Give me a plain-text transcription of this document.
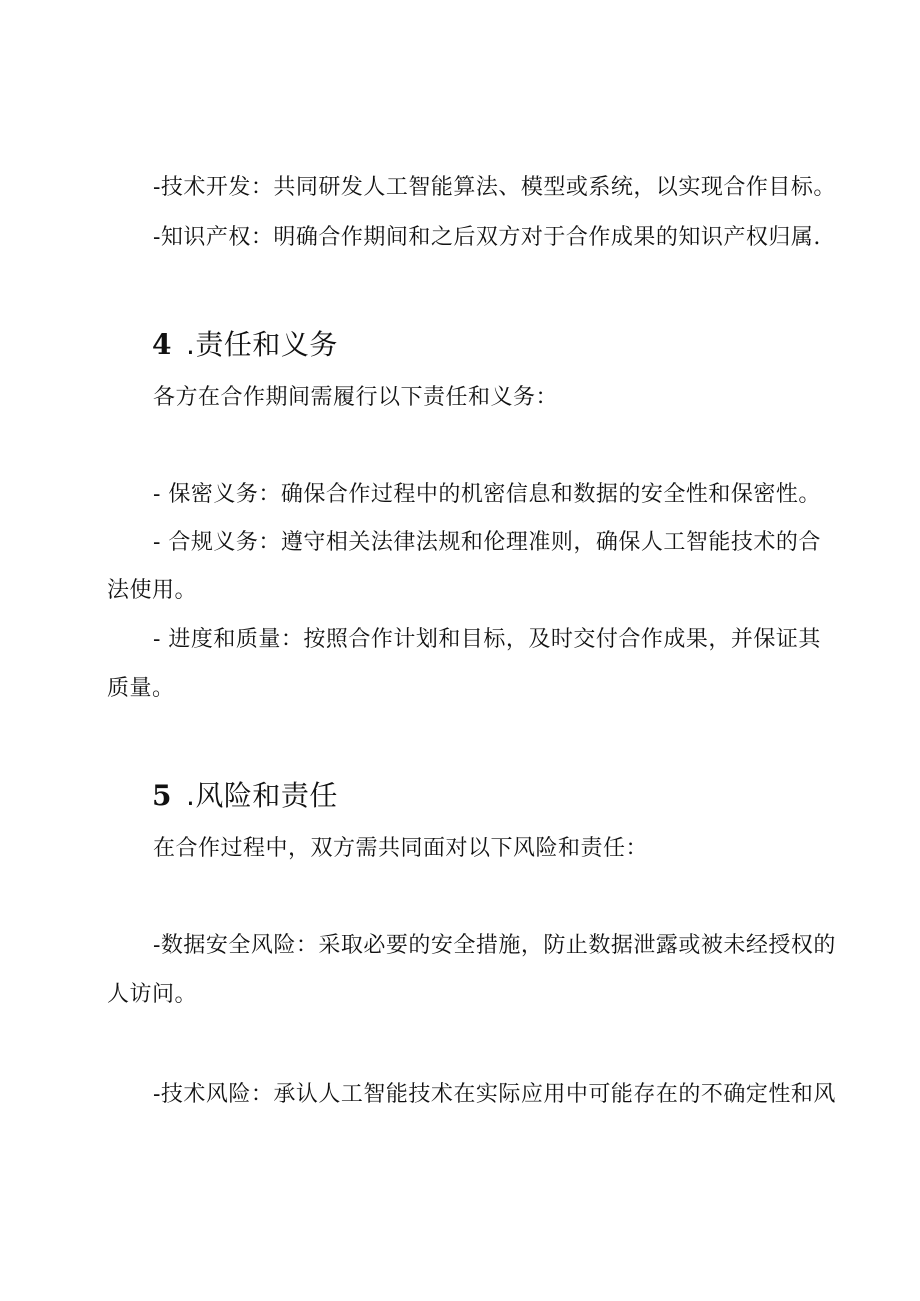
-技术开发：共同研发人工智能算法、模型或系统，以实现合作目标。
-知识产权：明确合作期间和之后双方对于合作成果的知识产权归属.
4 .责任和义务
各方在合作期间需履行以下责任和义务：
- 保密义务：确保合作过程中的机密信息和数据的安全性和保密性。
- 合规义务：遵守相关法律法规和伦理准则，确保人工智能技术的合
法使用。
- 进度和质量：按照合作计划和目标，及时交付合作成果，并保证其
质量。
5 .风险和责任
在合作过程中，双方需共同面对以下风险和责任：
-数据安全风险：采取必要的安全措施，防止数据泄露或被未经授权的
人访问。
-技术风险：承认人工智能技术在实际应用中可能存在的不确定性和风
